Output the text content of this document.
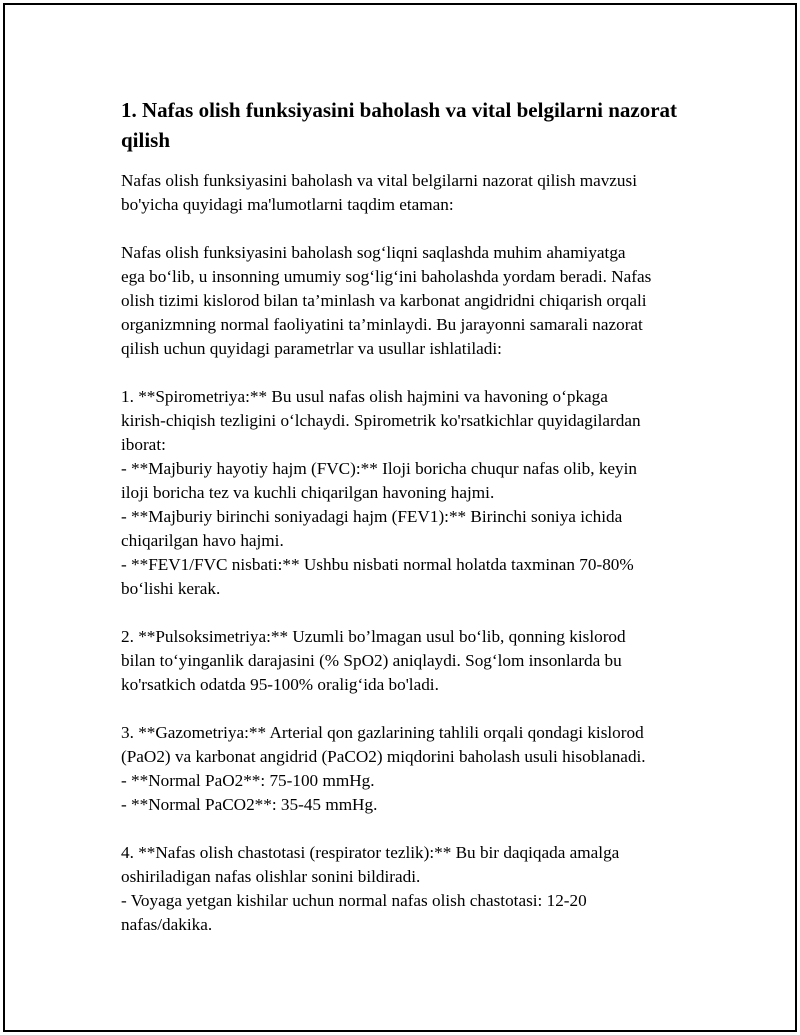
1. Nafas olish funksiyasini baholash va vital belgilarni nazorat
qilish
Nafas olish funksiyasini baholash va vital belgilarni nazorat qilish mavzusi
bo'yicha quyidagi ma'lumotlarni taqdim etaman:

Nafas olish funksiyasini baholash sog‘liqni saqlashda muhim ahamiyatga
ega bo‘lib, u insonning umumiy sog‘lig‘ini baholashda yordam beradi. Nafas
olish tizimi kislorod bilan ta’minlash va karbonat angidridni chiqarish orqali
organizmning normal faoliyatini ta’minlaydi. Bu jarayonni samarali nazorat
qilish uchun quyidagi parametrlar va usullar ishlatiladi:

1. **Spirometriya:** Bu usul nafas olish hajmini va havoning o‘pkaga
kirish-chiqish tezligini o‘lchaydi. Spirometrik ko'rsatkichlar quyidagilardan
iborat:
- **Majburiy hayotiy hajm (FVC):** Iloji boricha chuqur nafas olib, keyin
iloji boricha tez va kuchli chiqarilgan havoning hajmi.
- **Majburiy birinchi soniyadagi hajm (FEV1):** Birinchi soniya ichida
chiqarilgan havo hajmi.
- **FEV1/FVC nisbati:** Ushbu nisbati normal holatda taxminan 70-80%
bo‘lishi kerak.

2. **Pulsoksimetriya:** Uzumli bo’lmagan usul bo‘lib, qonning kislorod
bilan to‘yinganlik darajasini (% SpO2) aniqlaydi. Sog‘lom insonlarda bu
ko'rsatkich odatda 95-100% oralig‘ida bo'ladi.

3. **Gazometriya:** Arterial qon gazlarining tahlili orqali qondagi kislorod
(PaO2) va karbonat angidrid (PaCO2) miqdorini baholash usuli hisoblanadi.
- **Normal PaO2**: 75-100 mmHg.
- **Normal PaCO2**: 35-45 mmHg.

4. **Nafas olish chastotasi (respirator tezlik):** Bu bir daqiqada amalga
oshiriladigan nafas olishlar sonini bildiradi.
- Voyaga yetgan kishilar uchun normal nafas olish chastotasi: 12-20
nafas/dakika.
